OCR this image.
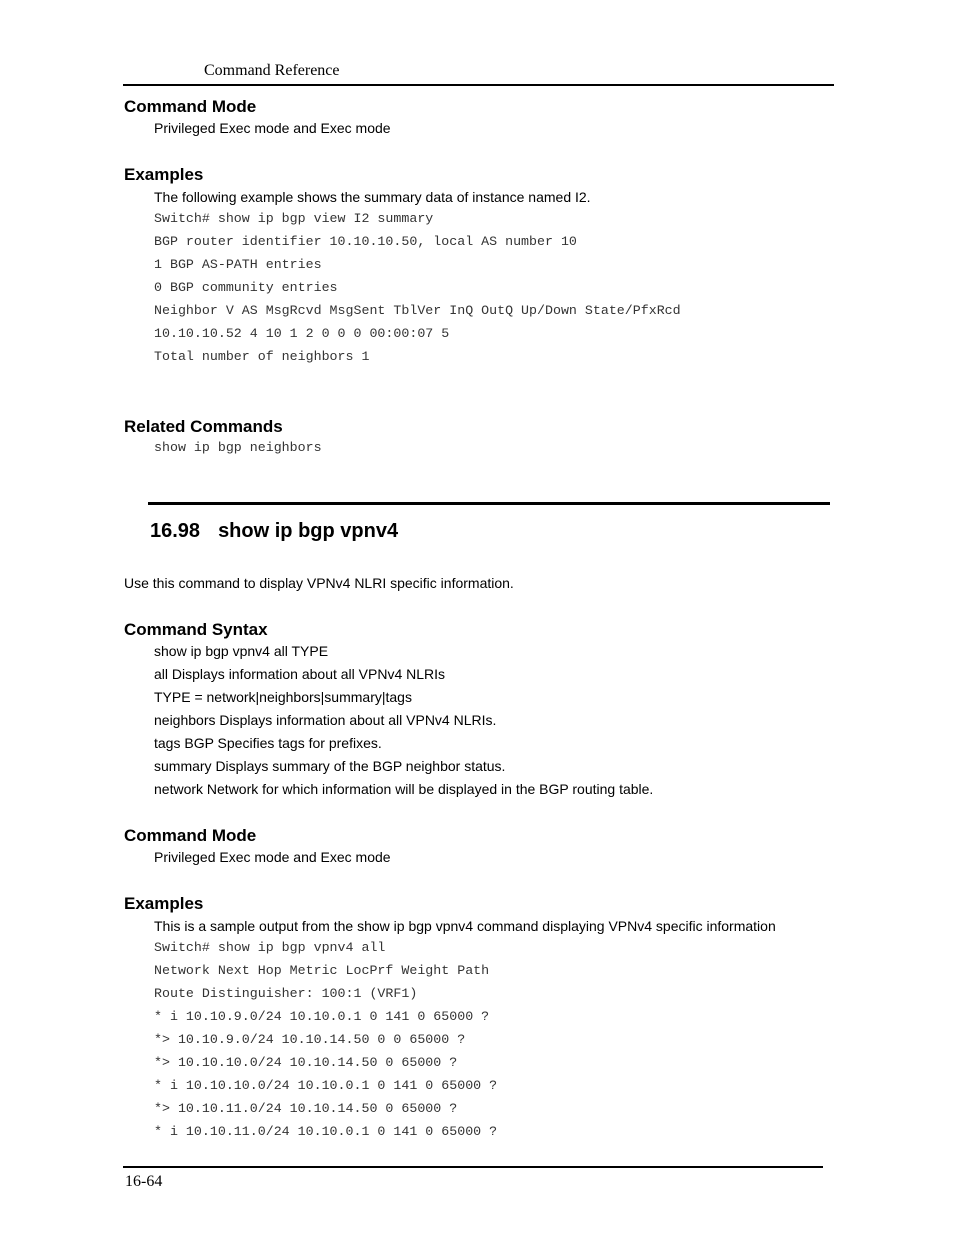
Command Reference
Command Mode
Privileged Exec mode and Exec mode
Examples
The following example shows the summary data of instance named I2.

Switch# show ip bgp view I2 summary

BGP router identifier 10.10.10.50, local AS number 10

1 BGP AS-PATH entries

0 BGP community entries

Neighbor V AS MsgRcvd MsgSent TblVer InQ OutQ Up/Down State/PfxRcd

10.10.10.52 4 10 1 2 0 0 0 00:00:07 5

Total number of neighbors 1

Related Commands
show ip bgp neighbors
16.98 show ip bgp vpnv4
Use this command to display VPNv4 NLRI specific information.
Command Syntax
show ip bgp vpnv4 all TYPE
all Displays information about all VPNv4 NLRIs
TYPE = network|neighbors|summary|tags
neighbors Displays information about all VPNv4 NLRIs.
tags BGP Specifies tags for prefixes.
summary Displays summary of the BGP neighbor status.
network Network for which information will be displayed in the BGP routing table.
Command Mode
Privileged Exec mode and Exec mode
Examples
This is a sample output from the show ip bgp vpnv4 command displaying VPNv4 specific information

Switch# show ip bgp vpnv4 all

Network Next Hop Metric LocPrf Weight Path

Route Distinguisher: 100:1 (VRF1)

* i 10.10.9.0/24 10.10.0.1 0 141 0 65000 ?

*> 10.10.9.0/24 10.10.14.50 0 0 65000 ?

*> 10.10.10.0/24 10.10.14.50 0 65000 ?

* i 10.10.10.0/24 10.10.0.1 0 141 0 65000 ?

*> 10.10.11.0/24 10.10.14.50 0 65000 ?

* i 10.10.11.0/24 10.10.0.1 0 141 0 65000 ?

16-64
